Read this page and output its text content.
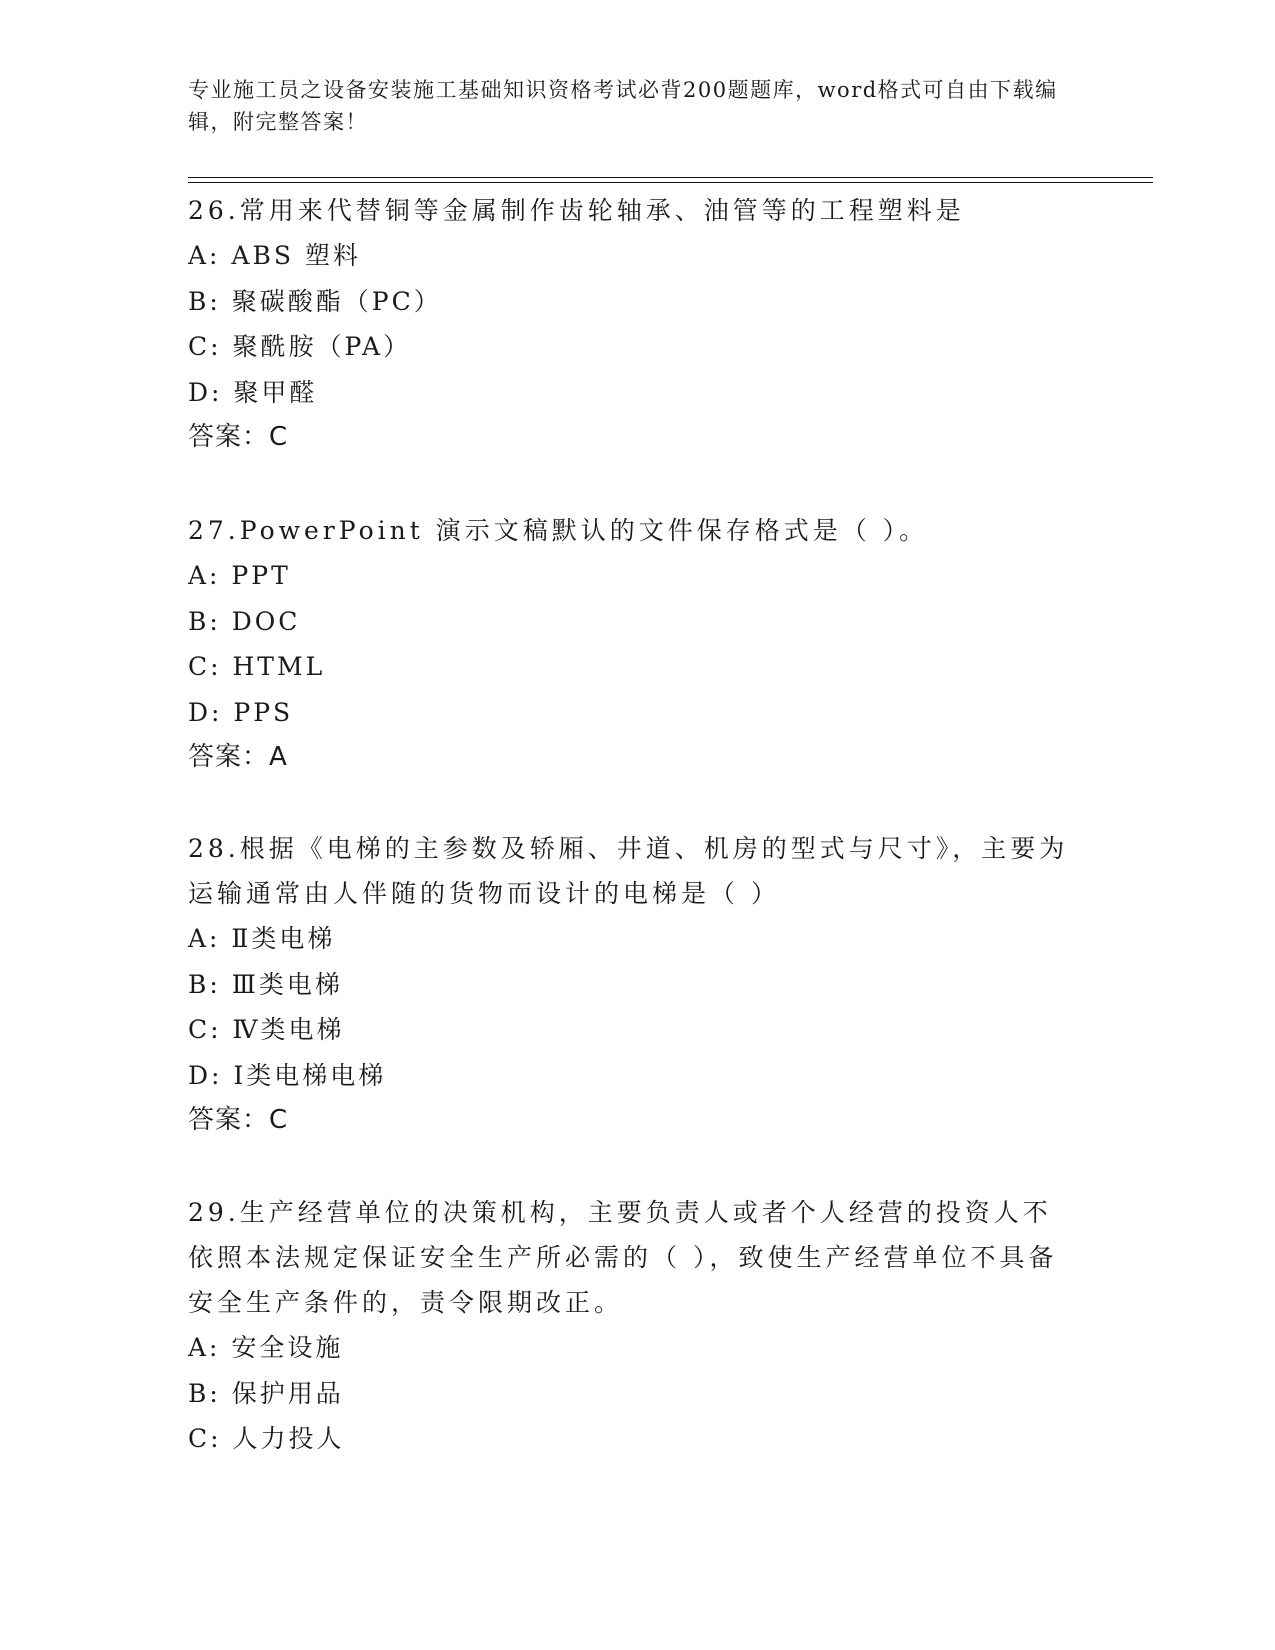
专业施工员之设备安装施工基础知识资格考试必背200题题库，word格式可自由下载编辑，附完整答案！
26.常用来代替铜等金属制作齿轮轴承、油管等的工程塑料是
A: ABS 塑料
B: 聚碳酸酯（PC）
C: 聚酰胺（PA）
D: 聚甲醛
答案：C
27.PowerPoint 演示文稿默认的文件保存格式是（ ）。
A: PPT
B: DOC
C: HTML
D: PPS
答案：A
28.根据《电梯的主参数及轿厢、井道、机房的型式与尺寸》，主要为运输通常由人伴随的货物而设计的电梯是（ ）
A: Ⅱ类电梯
B: Ⅲ类电梯
C: Ⅳ类电梯
D: Ⅰ类电梯电梯
答案：C
29.生产经营单位的决策机构，主要负责人或者个人经营的投资人不依照本法规定保证安全生产所必需的（ ），致使生产经营单位不具备安全生产条件的，责令限期改正。
A: 安全设施
B: 保护用品
C: 人力投人
